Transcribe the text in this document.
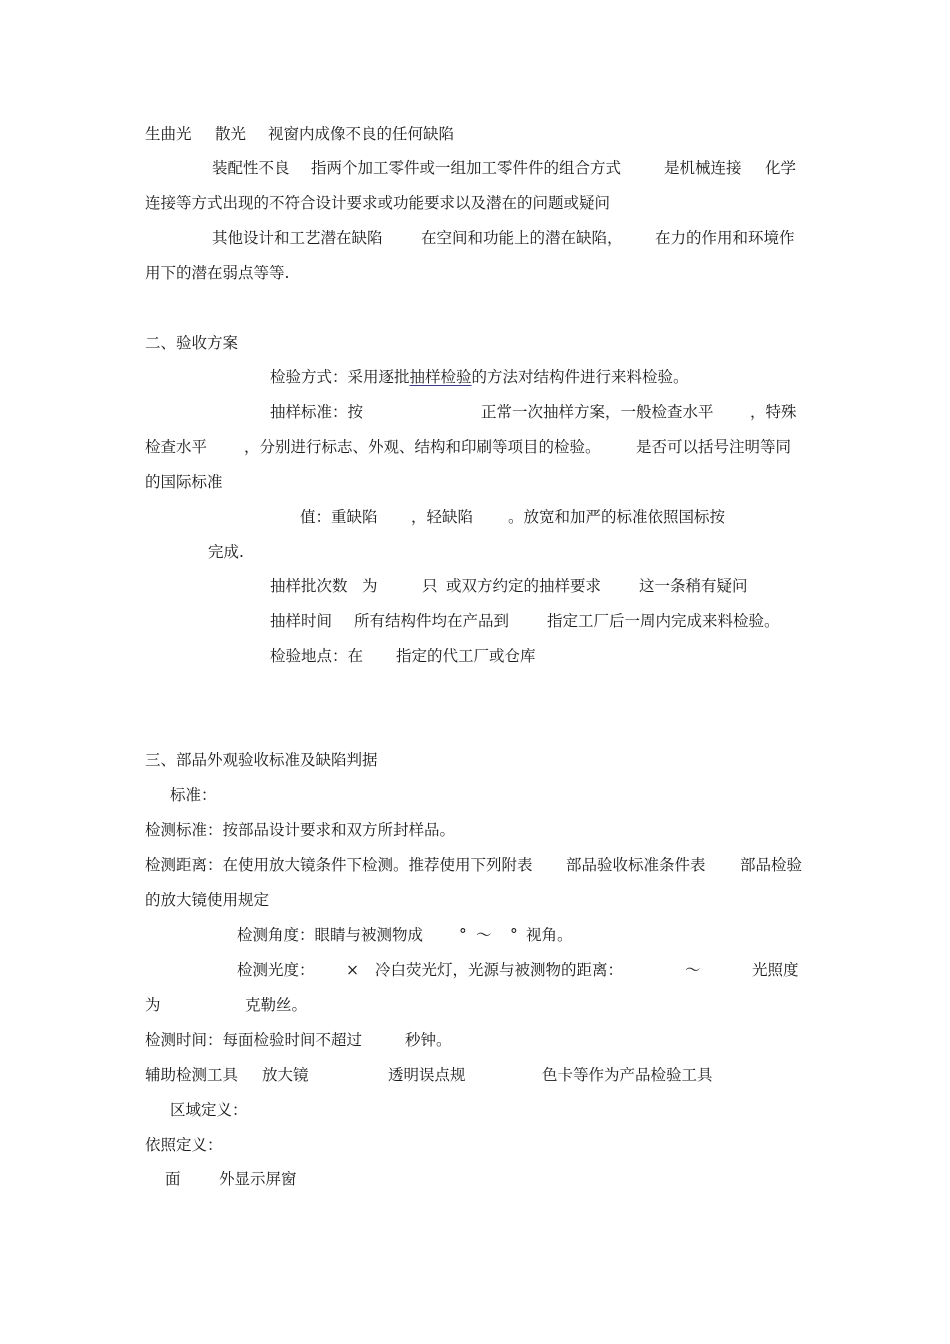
生曲光 散光 视窗内成像不良的任何缺陷
装配性不良 指两个加工零件或一组加工零件件的组合方式	是机械连接 化学
连接等方式出现的不符合设计要求或功能要求以及潜在的问题或疑问
其他设计和工艺潜在缺陷 在空间和功能上的潜在缺陷， 在力的作用和环境作
用下的潜在弱点等等.
二、验收方案
检验方式：采用逐批抽样检验的方法对结构件进行来料检验。
抽样标准：按	正常一次抽样方案，一般检查水平 ，特殊
检查水平 ，分别进行标志、外观、结构和印刷等项目的检验。 是否可以括号注明等同
的国际标准
值：重缺陷 ，轻缺陷 。放宽和加严的标准依照国标按
完成.
抽样批次数 为	只 或双方约定的抽样要求 这一条稍有疑问
抽样时间 所有结构件均在产品到 指定工厂后一周内完成来料检验。
检验地点：在 指定的代工厂或仓库
三、部品外观验收标准及缺陷判据
标准：
检测标准：按部品设计要求和双方所封样品。
检测距离：在使用放大镜条件下检测。推荐使用下列附表 部品验收标准条件表 部品检验
的放大镜使用规定
检测角度：眼睛与被测物成 ° ～ ° 视角。
检测光度： × 冷白荧光灯，光源与被测物的距离：	～	光照度
为	克勒丝。
检测时间：每面检验时间不超过	秒钟。
辅助检测工具 放大镜	透明误点规	色卡等作为产品检验工具
区域定义：
依照定义：
面 外显示屏窗
